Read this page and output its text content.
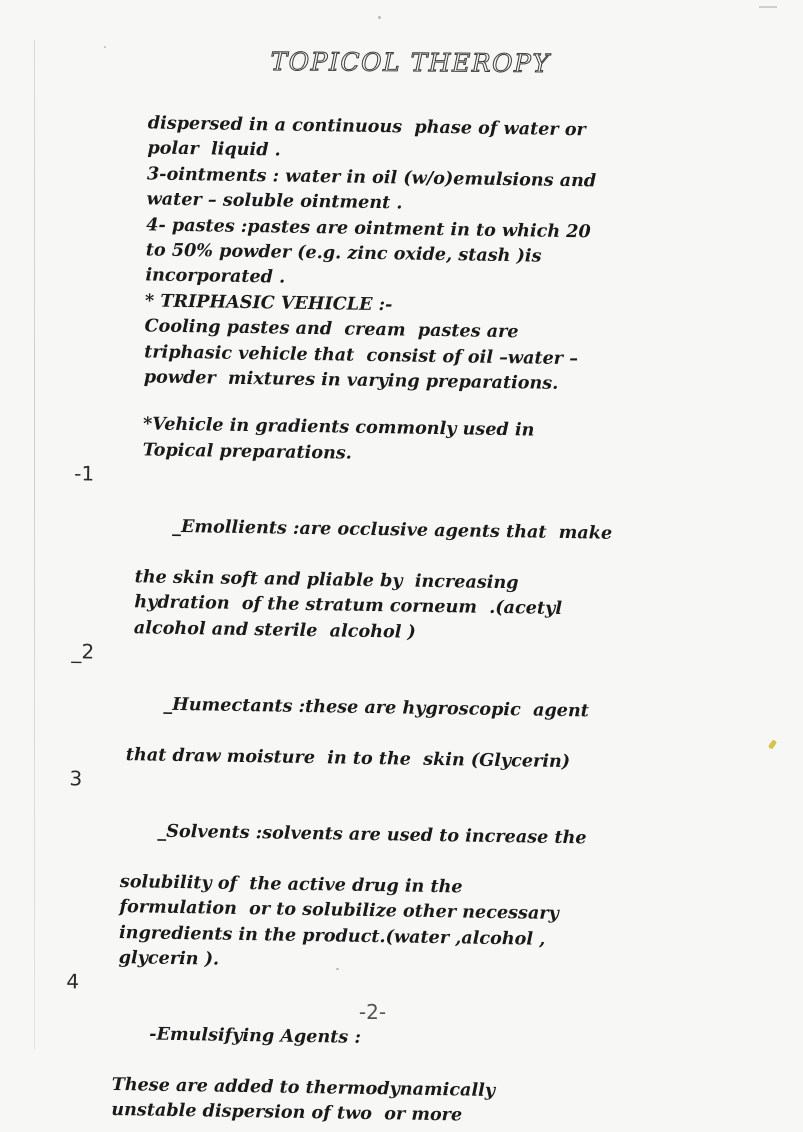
TOPICOL THEROPY
dispersed in a continuous  phase of water or
polar  liquid .
3-ointments : water in oil (w/o)emulsions and
water – soluble ointment .
4- pastes :pastes are ointment in to which 20
to 50% powder (e.g. zinc oxide, stash )is
incorporated .
* TRIPHASIC VEHICLE :-
Cooling pastes and  cream  pastes are
triphasic vehicle that  consist of oil –water –
powder  mixtures in varying preparations.
*Vehicle in gradients commonly used in
Topical preparations.

-1

_Emollients :are occlusive agents that  make

the skin soft and pliable by  increasing
hydration  of the stratum corneum  .(acetyl
alcohol and sterile  alcohol )

_2

_Humectants :these are hygroscopic  agent

that draw moisture  in to the  skin (Glycerin)

3

_Solvents :solvents are used to increase the

solubility of  the active drug in the
formulation  or to solubilize other necessary
ingredients in the product.(water ,alcohol ,
glycerin ).

4

-Emulsifying Agents :

These are added to thermodynamically
unstable dispersion of two  or more
-2-
